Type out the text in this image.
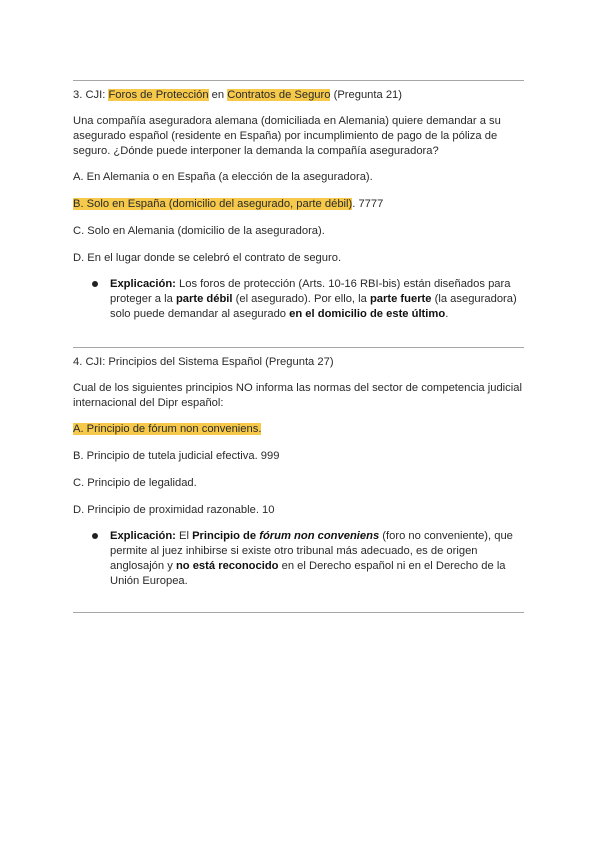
3. CJI: Foros de Protección en Contratos de Seguro (Pregunta 21)
Una compañía aseguradora alemana (domiciliada en Alemania) quiere demandar a su
asegurado español (residente en España) por incumplimiento de pago de la póliza de
seguro. ¿Dónde puede interponer la demanda la compañía aseguradora?
A. En Alemania o en España (a elección de la aseguradora).
B. Solo en España (domicilio del asegurado, parte débil). 7777
C. Solo en Alemania (domicilio de la aseguradora).
D. En el lugar donde se celebró el contrato de seguro.
Explicación: Los foros de protección (Arts. 10-16 RBI-bis) están diseñados para
proteger a la parte débil (el asegurado). Por ello, la parte fuerte (la aseguradora)
solo puede demandar al asegurado en el domicilio de este último.
4. CJI: Principios del Sistema Español (Pregunta 27)
Cual de los siguientes principios NO informa las normas del sector de competencia judicial
internacional del Dipr español:
A. Principio de fórum non conveniens.
B. Principio de tutela judicial efectiva. 999
C. Principio de legalidad.
D. Principio de proximidad razonable. 10
Explicación: El Principio de fórum non conveniens (foro no conveniente), que
permite al juez inhibirse si existe otro tribunal más adecuado, es de origen
anglosajón y no está reconocido en el Derecho español ni en el Derecho de la
Unión Europea.
